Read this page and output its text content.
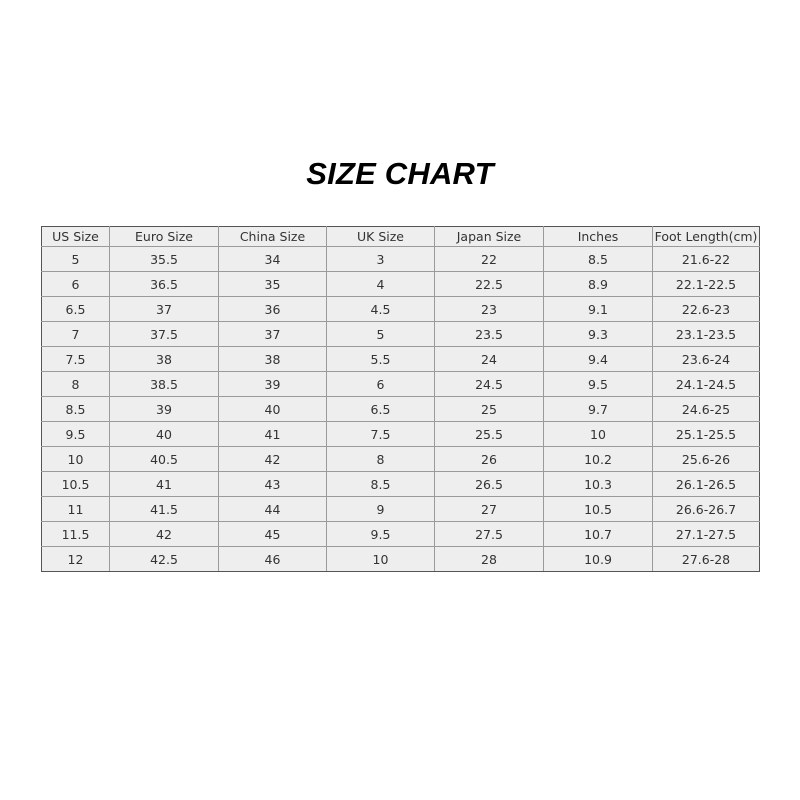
SIZE CHART
US Size	Euro Size	China Size	UK Size	Japan Size	Inches	Foot Length(cm)
5	35.5	34	3	22	8.5	21.6-22
6	36.5	35	4	22.5	8.9	22.1-22.5
6.5	37	36	4.5	23	9.1	22.6-23
7	37.5	37	5	23.5	9.3	23.1-23.5
7.5	38	38	5.5	24	9.4	23.6-24
8	38.5	39	6	24.5	9.5	24.1-24.5
8.5	39	40	6.5	25	9.7	24.6-25
9.5	40	41	7.5	25.5	10	25.1-25.5
10	40.5	42	8	26	10.2	25.6-26
10.5	41	43	8.5	26.5	10.3	26.1-26.5
11	41.5	44	9	27	10.5	26.6-26.7
11.5	42	45	9.5	27.5	10.7	27.1-27.5
12	42.5	46	10	28	10.9	27.6-28
